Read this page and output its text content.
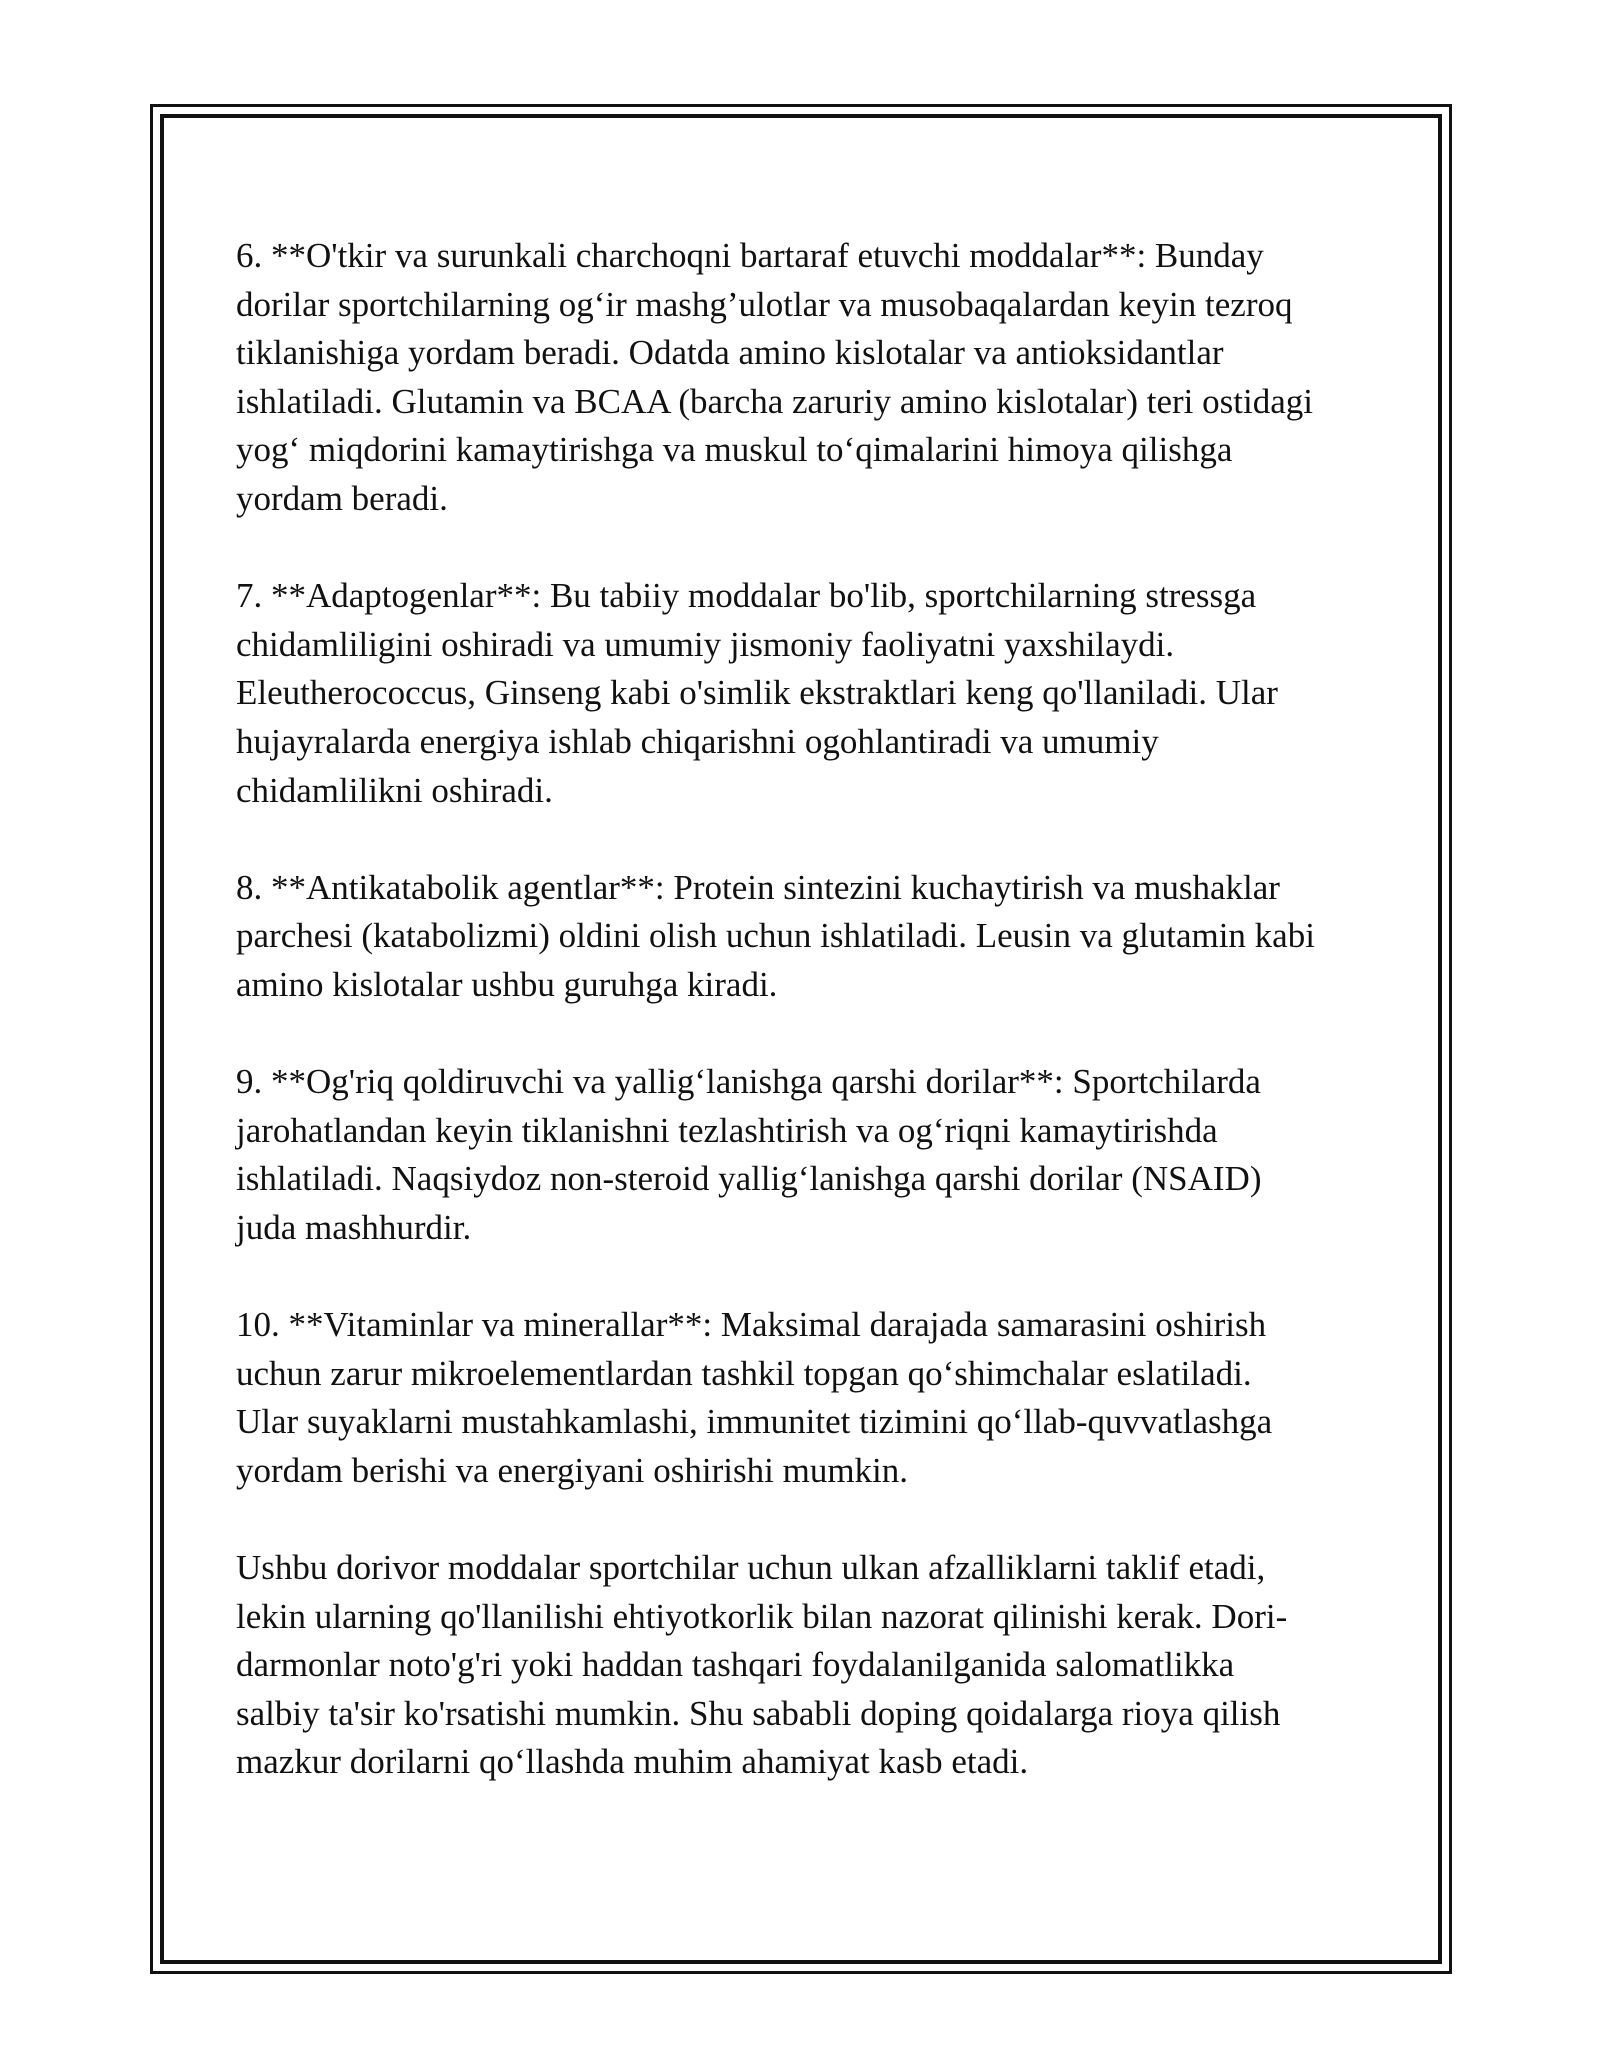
6. **O'tkir va surunkali charchoqni bartaraf etuvchi moddalar**: Bunday
dorilar sportchilarning og‘ir mashg’ulotlar va musobaqalardan keyin tezroq
tiklanishiga yordam beradi. Odatda amino kislotalar va antioksidantlar
ishlatiladi. Glutamin va BCAA (barcha zaruriy amino kislotalar) teri ostidagi
yog‘ miqdorini kamaytirishga va muskul to‘qimalarini himoya qilishga
yordam beradi.

7. **Adaptogenlar**: Bu tabiiy moddalar bo'lib, sportchilarning stressga
chidamliligini oshiradi va umumiy jismoniy faoliyatni yaxshilaydi.
Eleutherococcus, Ginseng kabi o'simlik ekstraktlari keng qo'llaniladi. Ular
hujayralarda energiya ishlab chiqarishni ogohlantiradi va umumiy
chidamlilikni oshiradi.

8. **Antikatabolik agentlar**: Protein sintezini kuchaytirish va mushaklar
parchesi (katabolizmi) oldini olish uchun ishlatiladi. Leusin va glutamin kabi
amino kislotalar ushbu guruhga kiradi.

9. **Og'riq qoldiruvchi va yallig‘lanishga qarshi dorilar**: Sportchilarda
jarohatlandan keyin tiklanishni tezlashtirish va og‘riqni kamaytirishda
ishlatiladi. Naqsiydoz non-steroid yallig‘lanishga qarshi dorilar (NSAID)
juda mashhurdir.

10. **Vitaminlar va minerallar**: Maksimal darajada samarasini oshirish
uchun zarur mikroelementlardan tashkil topgan qo‘shimchalar eslatiladi.
Ular suyaklarni mustahkamlashi, immunitet tizimini qo‘llab-quvvatlashga
yordam berishi va energiyani oshirishi mumkin.

Ushbu dorivor moddalar sportchilar uchun ulkan afzalliklarni taklif etadi,
lekin ularning qo'llanilishi ehtiyotkorlik bilan nazorat qilinishi kerak. Dori-
darmonlar noto'g'ri yoki haddan tashqari foydalanilganida salomatlikka
salbiy ta'sir ko'rsatishi mumkin. Shu sababli doping qoidalarga rioya qilish
mazkur dorilarni qo‘llashda muhim ahamiyat kasb etadi.
